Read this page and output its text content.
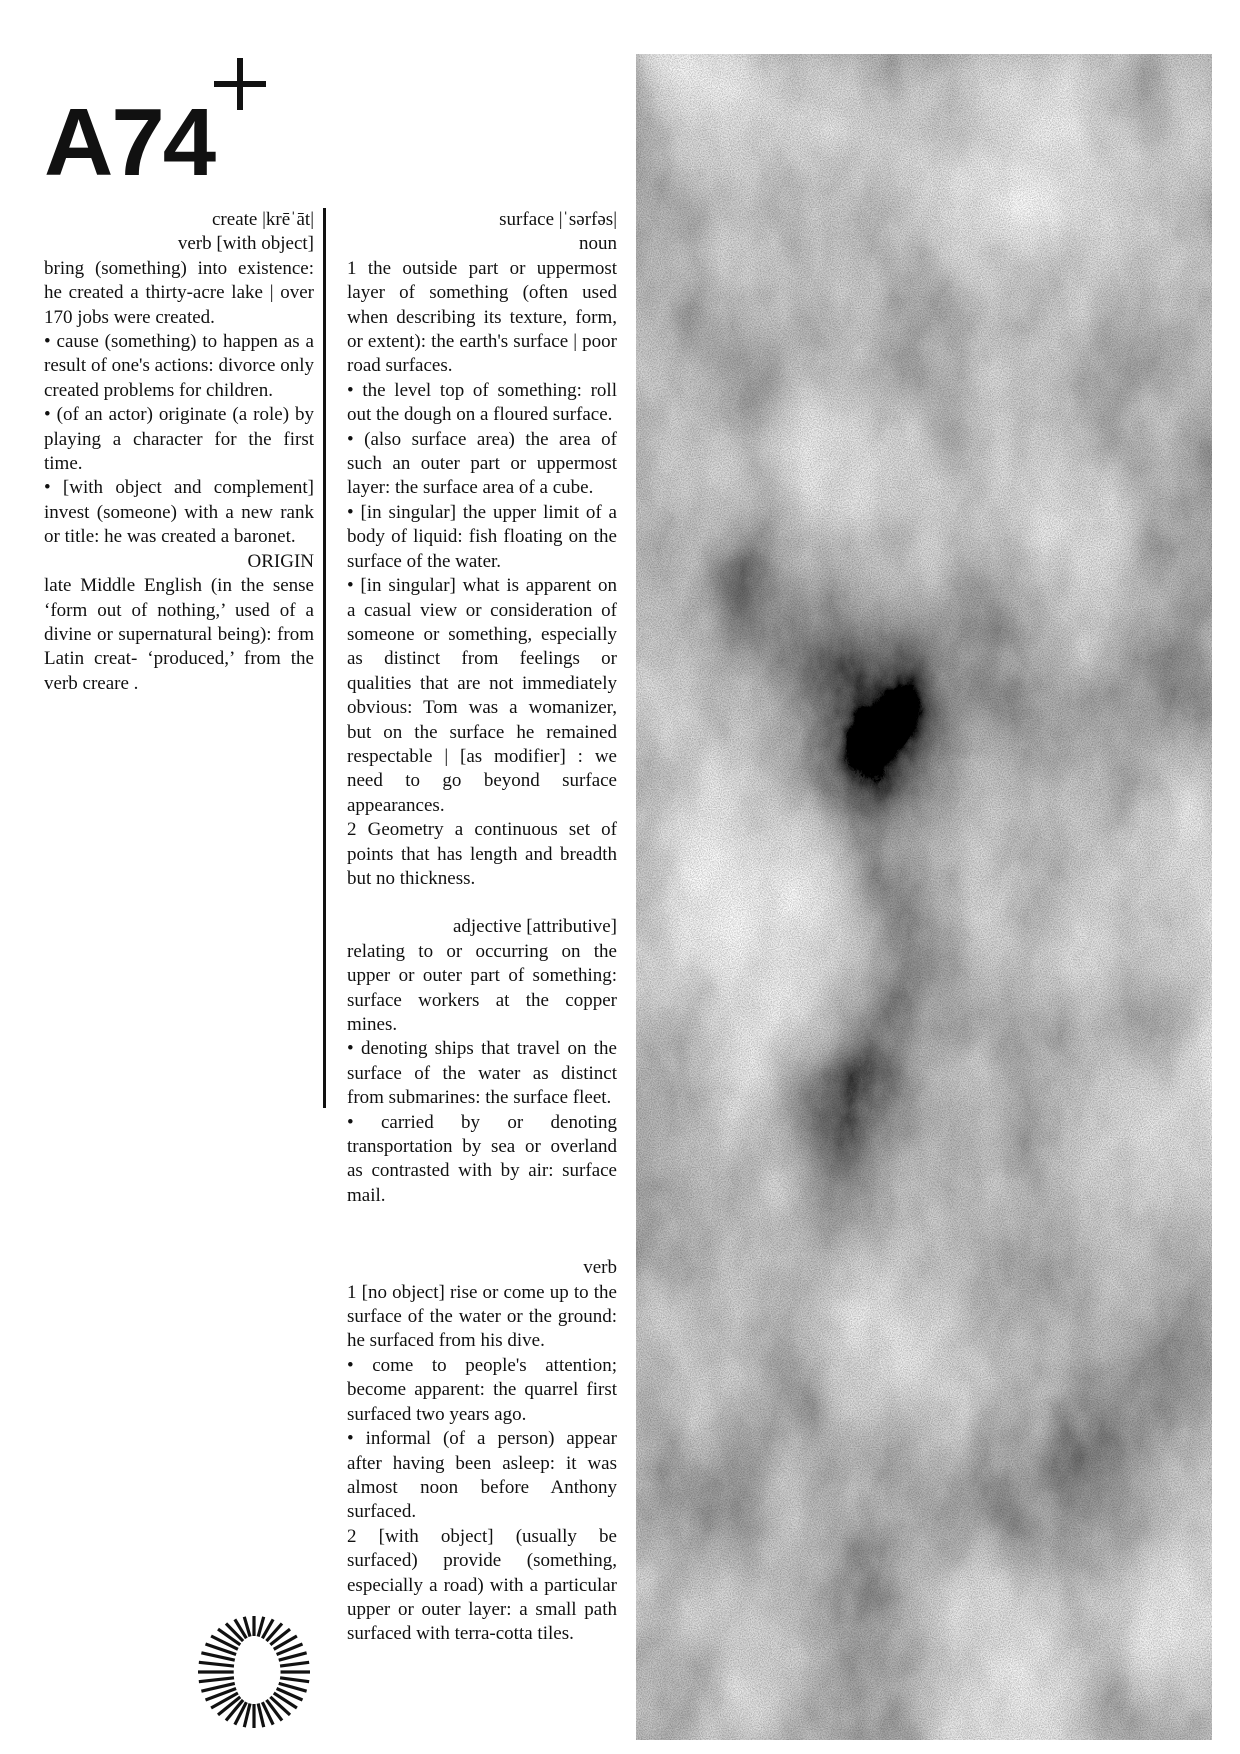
A74

create |krēˈāt|

verb [with object]

bring (something) into existence: he created a thirty-acre lake | over 170 jobs were created.

• cause (something) to happen as a result of one's actions: divorce only created problems for children.

• (of an actor) originate (a role) by playing a character for the first time.

• [with object and complement] invest (someone) with a new rank or title: he was created a baronet.

ORIGIN

late Middle English (in the sense ‘form out of nothing,’ used of a divine or supernatural being): from Latin creat- ‘produced,’ from the verb creare .

surface |ˈsərfəs|

noun

1 the outside part or uppermost layer of something (often used when describing its texture, form, or extent): the earth's surface | poor road surfaces.

• the level top of something: roll out the dough on a floured surface.

• (also surface area) the area of such an outer part or uppermost layer: the surface area of a cube.

• [in singular] the upper limit of a body of liquid: fish floating on the surface of the water.

• [in singular] what is apparent on a casual view or consideration of someone or something, especially as distinct from feelings or qualities that are not immediately obvious: Tom was a womanizer, but on the surface he remained respectable | [as modifier] : we need to go beyond surface appearances.

2 Geometry a continuous set of points that has length and breadth but no thickness.

adjective [attributive]

relating to or occurring on the upper or outer part of something: surface workers at the copper mines.

• denoting ships that travel on the surface of the water as distinct from submarines: the surface fleet.

• carried by or denoting transportation by sea or overland as contrasted with by air: surface mail.

verb

1 [no object] rise or come up to the surface of the water or the ground: he surfaced from his dive.

• come to people's attention; become apparent: the quarrel first surfaced two years ago.

• informal (of a person) appear after having been asleep: it was almost noon before Anthony surfaced.

2 [with object] (usually be surfaced) provide (something, especially a road) with a particular upper or outer layer: a small path surfaced with terra-cotta tiles.
